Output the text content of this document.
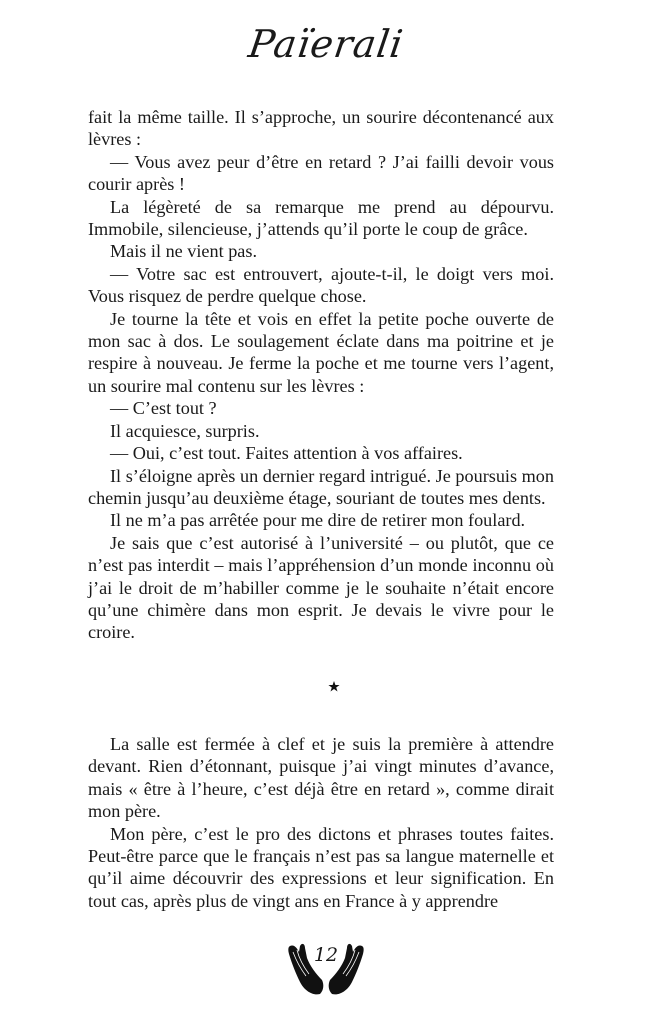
Païerali

fait la même taille. Il s’approche, un sourire décontenancé aux lèvres :

— Vous avez peur d’être en retard ? J’ai failli devoir vous courir après !

La légèreté de sa remarque me prend au dépourvu. Immobile, silencieuse, j’attends qu’il porte le coup de grâce.

Mais il ne vient pas.

— Votre sac est entrouvert, ajoute-t-il, le doigt vers moi. Vous risquez de perdre quelque chose.

Je tourne la tête et vois en effet la petite poche ouverte de mon sac à dos. Le soulagement éclate dans ma poitrine et je respire à nouveau. Je ferme la poche et me tourne vers l’agent, un sourire mal contenu sur les lèvres :

— C’est tout ?

Il acquiesce, surpris.

— Oui, c’est tout. Faites attention à vos affaires.

Il s’éloigne après un dernier regard intrigué. Je poursuis mon chemin jusqu’au deuxième étage, souriant de toutes mes dents.

Il ne m’a pas arrêtée pour me dire de retirer mon foulard.

Je sais que c’est autorisé à l’université – ou plutôt, que ce n’est pas interdit – mais l’appréhension d’un monde inconnu où j’ai le droit de m’habiller comme je le souhaite n’était encore qu’une chimère dans mon esprit. Je devais le vivre pour le croire.

La salle est fermée à clef et je suis la première à attendre devant. Rien d’étonnant, puisque j’ai vingt minutes d’avance, mais « être à l’heure, c’est déjà être en retard », comme dirait mon père.

Mon père, c’est le pro des dictons et phrases toutes faites. Peut-être parce que le français n’est pas sa langue maternelle et qu’il aime découvrir des expressions et leur signification. En tout cas, après plus de vingt ans en France à y apprendre

12
